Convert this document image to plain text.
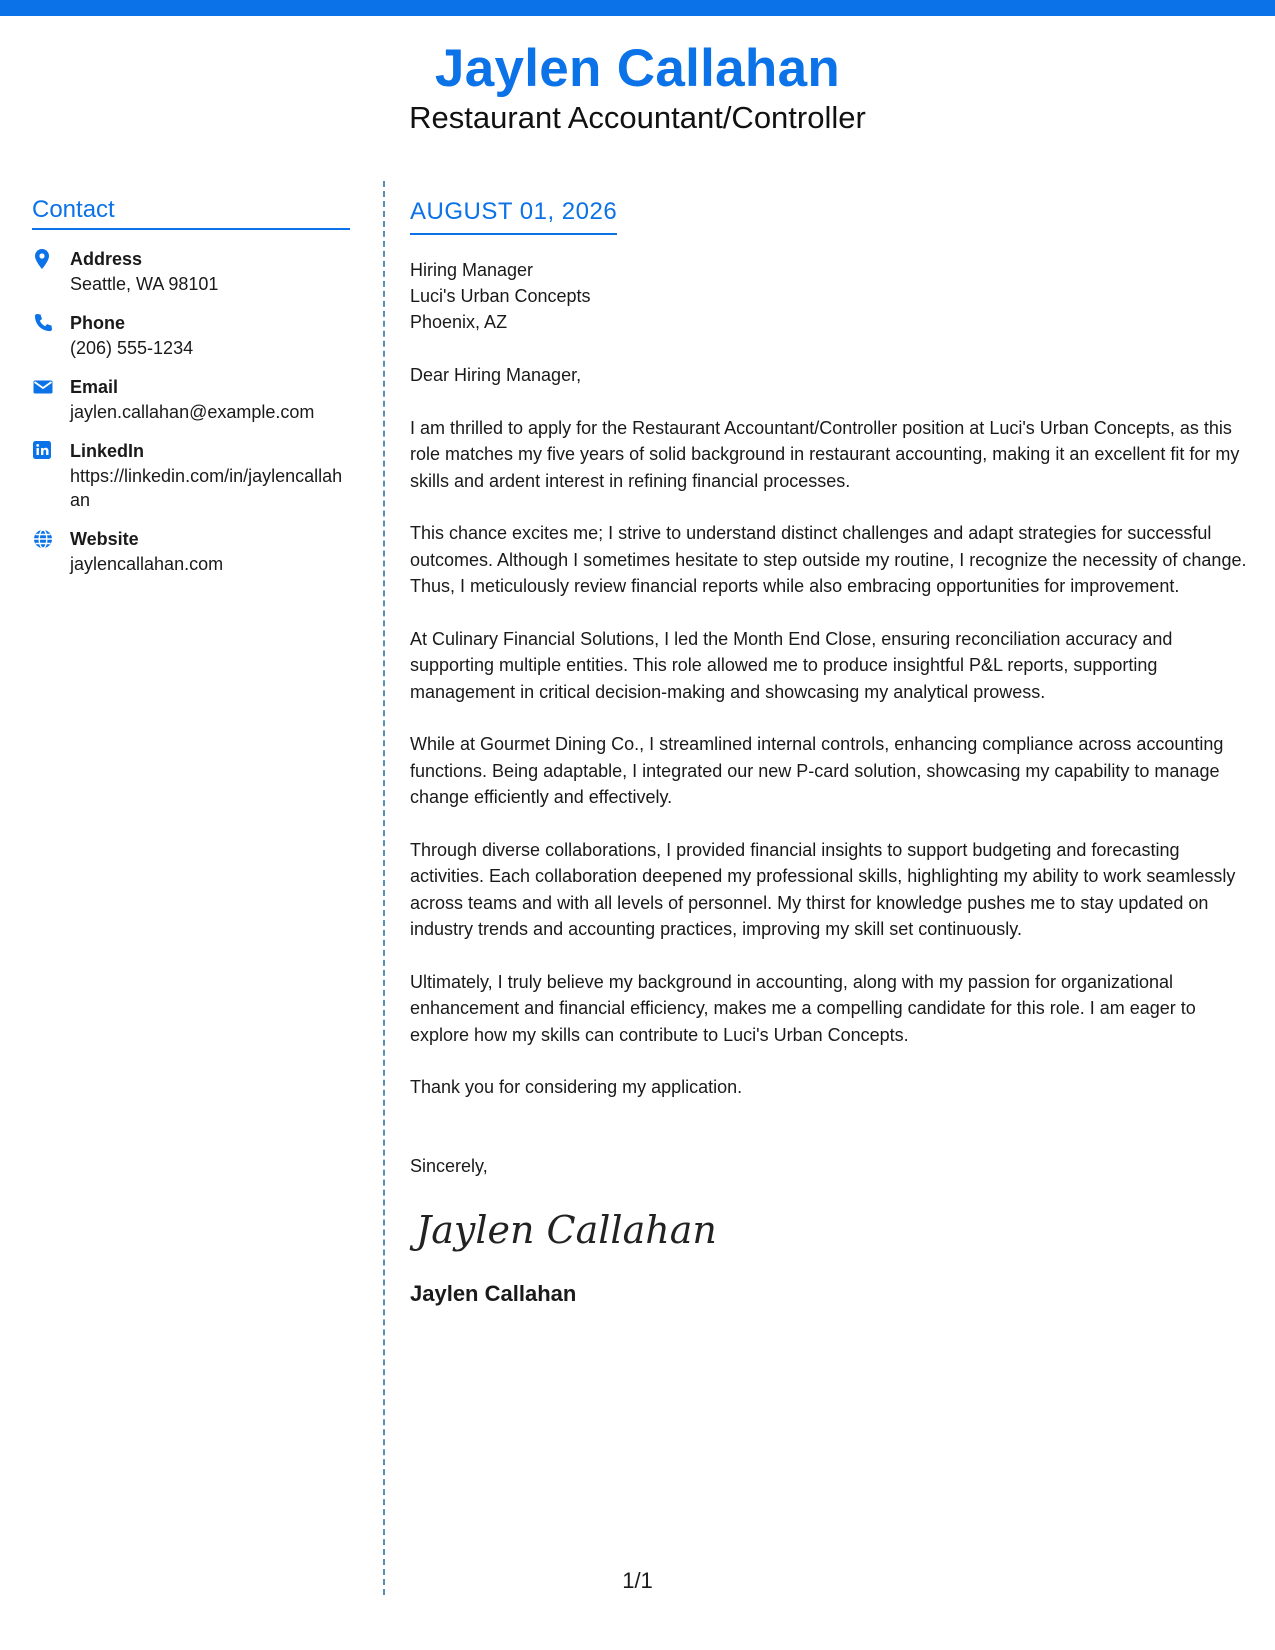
Jaylen Callahan
Restaurant Accountant/Controller
Contact
Address
Seattle, WA 98101
Phone
(206) 555-1234
Email
jaylen.callahan@example.com
LinkedIn
https://linkedin.com/in/jaylencallahan
Website
jaylencallahan.com
AUGUST 01, 2026
Hiring Manager
Luci's Urban Concepts
Phoenix, AZ
Dear Hiring Manager,
I am thrilled to apply for the Restaurant Accountant/Controller position at Luci's Urban Concepts, as this role matches my five years of solid background in restaurant accounting, making it an excellent fit for my skills and ardent interest in refining financial processes.
This chance excites me; I strive to understand distinct challenges and adapt strategies for successful outcomes. Although I sometimes hesitate to step outside my routine, I recognize the necessity of change. Thus, I meticulously review financial reports while also embracing opportunities for improvement.
At Culinary Financial Solutions, I led the Month End Close, ensuring reconciliation accuracy and supporting multiple entities. This role allowed me to produce insightful P&L reports, supporting management in critical decision-making and showcasing my analytical prowess.
While at Gourmet Dining Co., I streamlined internal controls, enhancing compliance across accounting functions. Being adaptable, I integrated our new P-card solution, showcasing my capability to manage change efficiently and effectively.
Through diverse collaborations, I provided financial insights to support budgeting and forecasting activities. Each collaboration deepened my professional skills, highlighting my ability to work seamlessly across teams and with all levels of personnel. My thirst for knowledge pushes me to stay updated on industry trends and accounting practices, improving my skill set continuously.
Ultimately, I truly believe my background in accounting, along with my passion for organizational enhancement and financial efficiency, makes me a compelling candidate for this role. I am eager to explore how my skills can contribute to Luci's Urban Concepts.
Thank you for considering my application.
Sincerely,
Jaylen Callahan
Jaylen Callahan
1/1
